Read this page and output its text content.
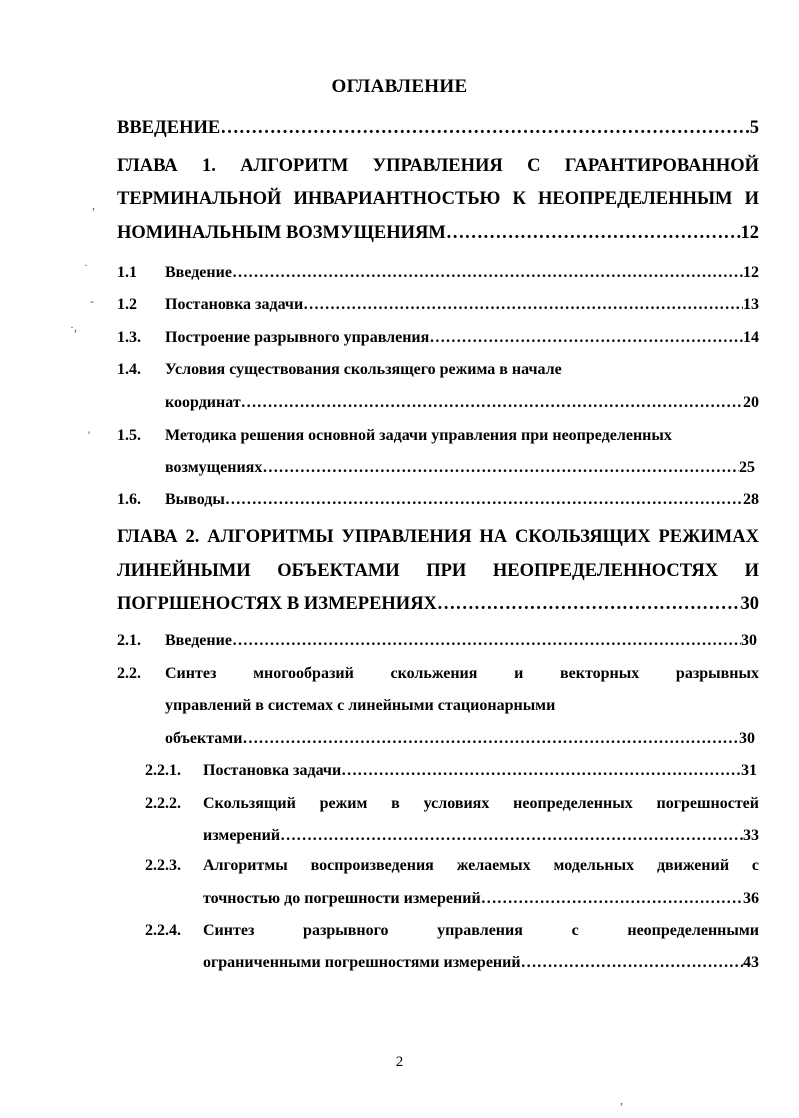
ОГЛАВЛЕНИЕ
ВВЕДЕНИЕ …………………………………………………………………………………………………………………………………………………………………………………………	5
ГЛАВА 1. АЛГОРИТМ УПРАВЛЕНИЯ С ГАРАНТИРОВАННОЙ
ТЕРМИНАЛЬНОЙ ИНВАРИАНТНОСТЬЮ К НЕОПРЕДЕЛЕННЫМ И
НОМИНАЛЬНЫМ ВОЗМУЩЕНИЯМ …………………………………………………………………………………………………………………………………………………………………………………………	12
1.1	Введение …………………………………………………………………………………………………………………………………………………………………………………………	12
1.2	Постановка задачи …………………………………………………………………………………………………………………………………………………………………………………………	13
1.3.	Построение разрывного управления …………………………………………………………………………………………………………………………………………………………………………………………	14
1.4.	Условия существования скользящего режима в начале
координат …………………………………………………………………………………………………………………………………………………………………………………………	20
1.5.	Методика решения основной задачи управления при неопределенных
возмущениях …………………………………………………………………………………………………………………………………………………………………………………………	25
1.6.	Выводы …………………………………………………………………………………………………………………………………………………………………………………………	28
ГЛАВА 2. АЛГОРИТМЫ УПРАВЛЕНИЯ НА СКОЛЬЗЯЩИХ РЕЖИМАХ
ЛИНЕЙНЫМИ ОБЪЕКТАМИ ПРИ НЕОПРЕДЕЛЕННОСТЯХ И
ПОГРШЕНОСТЯХ В ИЗМЕРЕНИЯХ …………………………………………………………………………………………………………………………………………………………………………………………	30
2.1.	Введение …………………………………………………………………………………………………………………………………………………………………………………………	30
2.2. Синтез многообразий скольжения и векторных разрывных
управлений в системах с линейными стационарными
объектами …………………………………………………………………………………………………………………………………………………………………………………………	30
2.2.1.	Постановка задачи …………………………………………………………………………………………………………………………………………………………………………………………	31
2.2.2. Скользящий режим в условиях неопределенных погрешностей
измерений …………………………………………………………………………………………………………………………………………………………………………………………	33
2.2.3. Алгоритмы воспроизведения желаемых модельных движений с
точностью до погрешности измерений …………………………………………………………………………………………………………………………………………………………………………………………	36
2.2.4. Синтез разрывного управления с неопределенными
ограниченными погрешностями измерений …………………………………………………………………………………………………………………………………………………………………………………………	43
2
,
·
-
·,
'
,
